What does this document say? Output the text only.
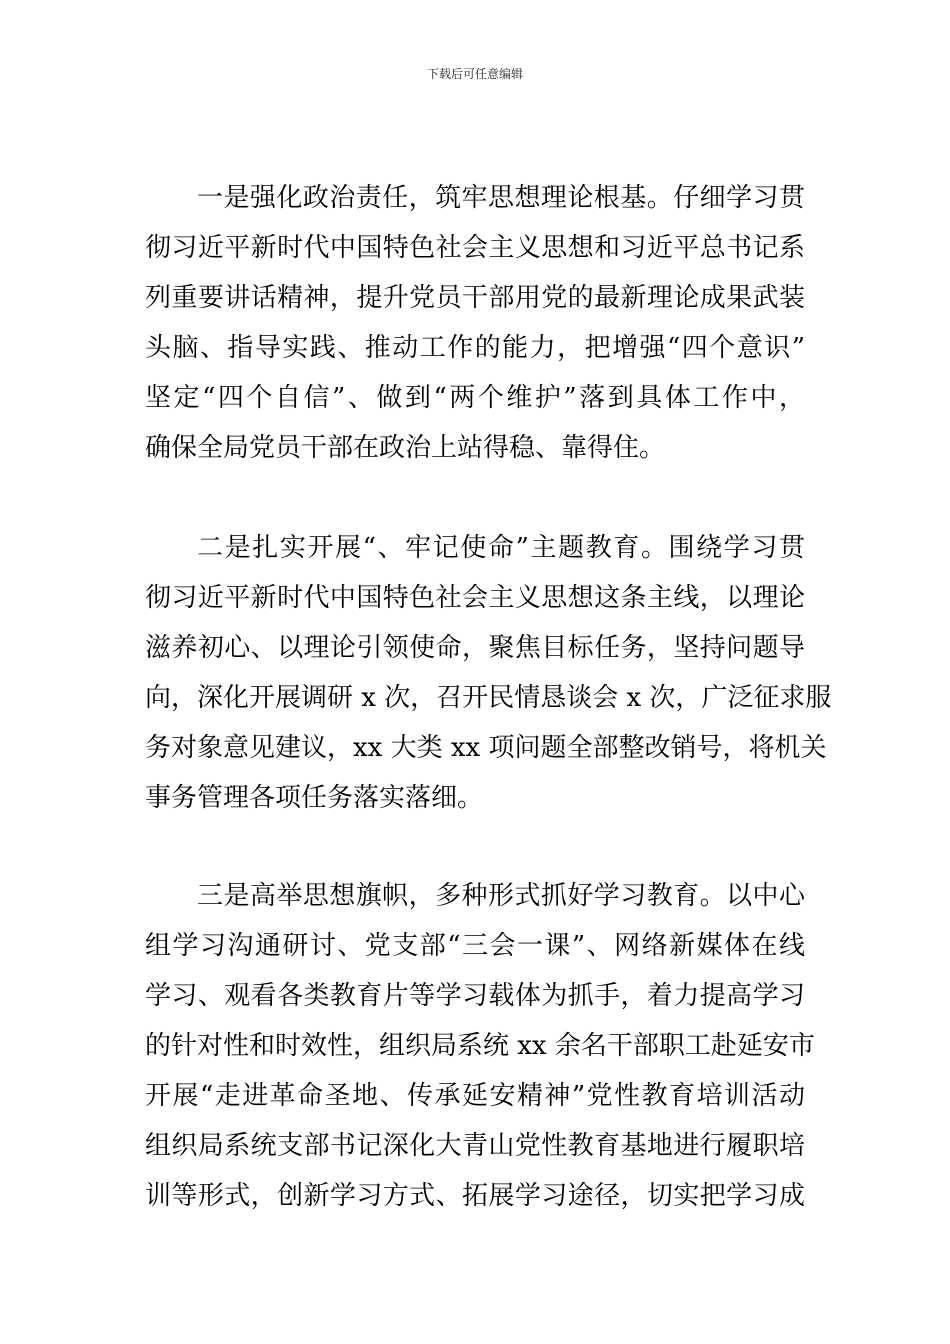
下载后可任意编辑
一是强化政治责任，筑牢思想理论根基。仔细学习贯
彻习近平新时代中国特色社会主义思想和习近平总书记系
列重要讲话精神，提升党员干部用党的最新理论成果武装
头脑、指导实践、推动工作的能力，把增强“四个意识”
坚定“四个自信”、做到“两个维护”落到具体工作中，
确保全局党员干部在政治上站得稳、靠得住。
二是扎实开展“、牢记使命”主题教育。围绕学习贯
彻习近平新时代中国特色社会主义思想这条主线，以理论
滋养初心、以理论引领使命，聚焦目标任务，坚持问题导
向，深化开展调研 x 次，召开民情恳谈会 x 次，广泛征求服
务对象意见建议，xx 大类 xx 项问题全部整改销号，将机关
事务管理各项任务落实落细。
三是高举思想旗帜，多种形式抓好学习教育。以中心
组学习沟通研讨、党支部“三会一课”、网络新媒体在线
学习、观看各类教育片等学习载体为抓手，着力提高学习
的针对性和时效性，组织局系统 xx 余名干部职工赴延安市
开展“走进革命圣地、传承延安精神”党性教育培训活动
组织局系统支部书记深化大青山党性教育基地进行履职培
训等形式，创新学习方式、拓展学习途径，切实把学习成
